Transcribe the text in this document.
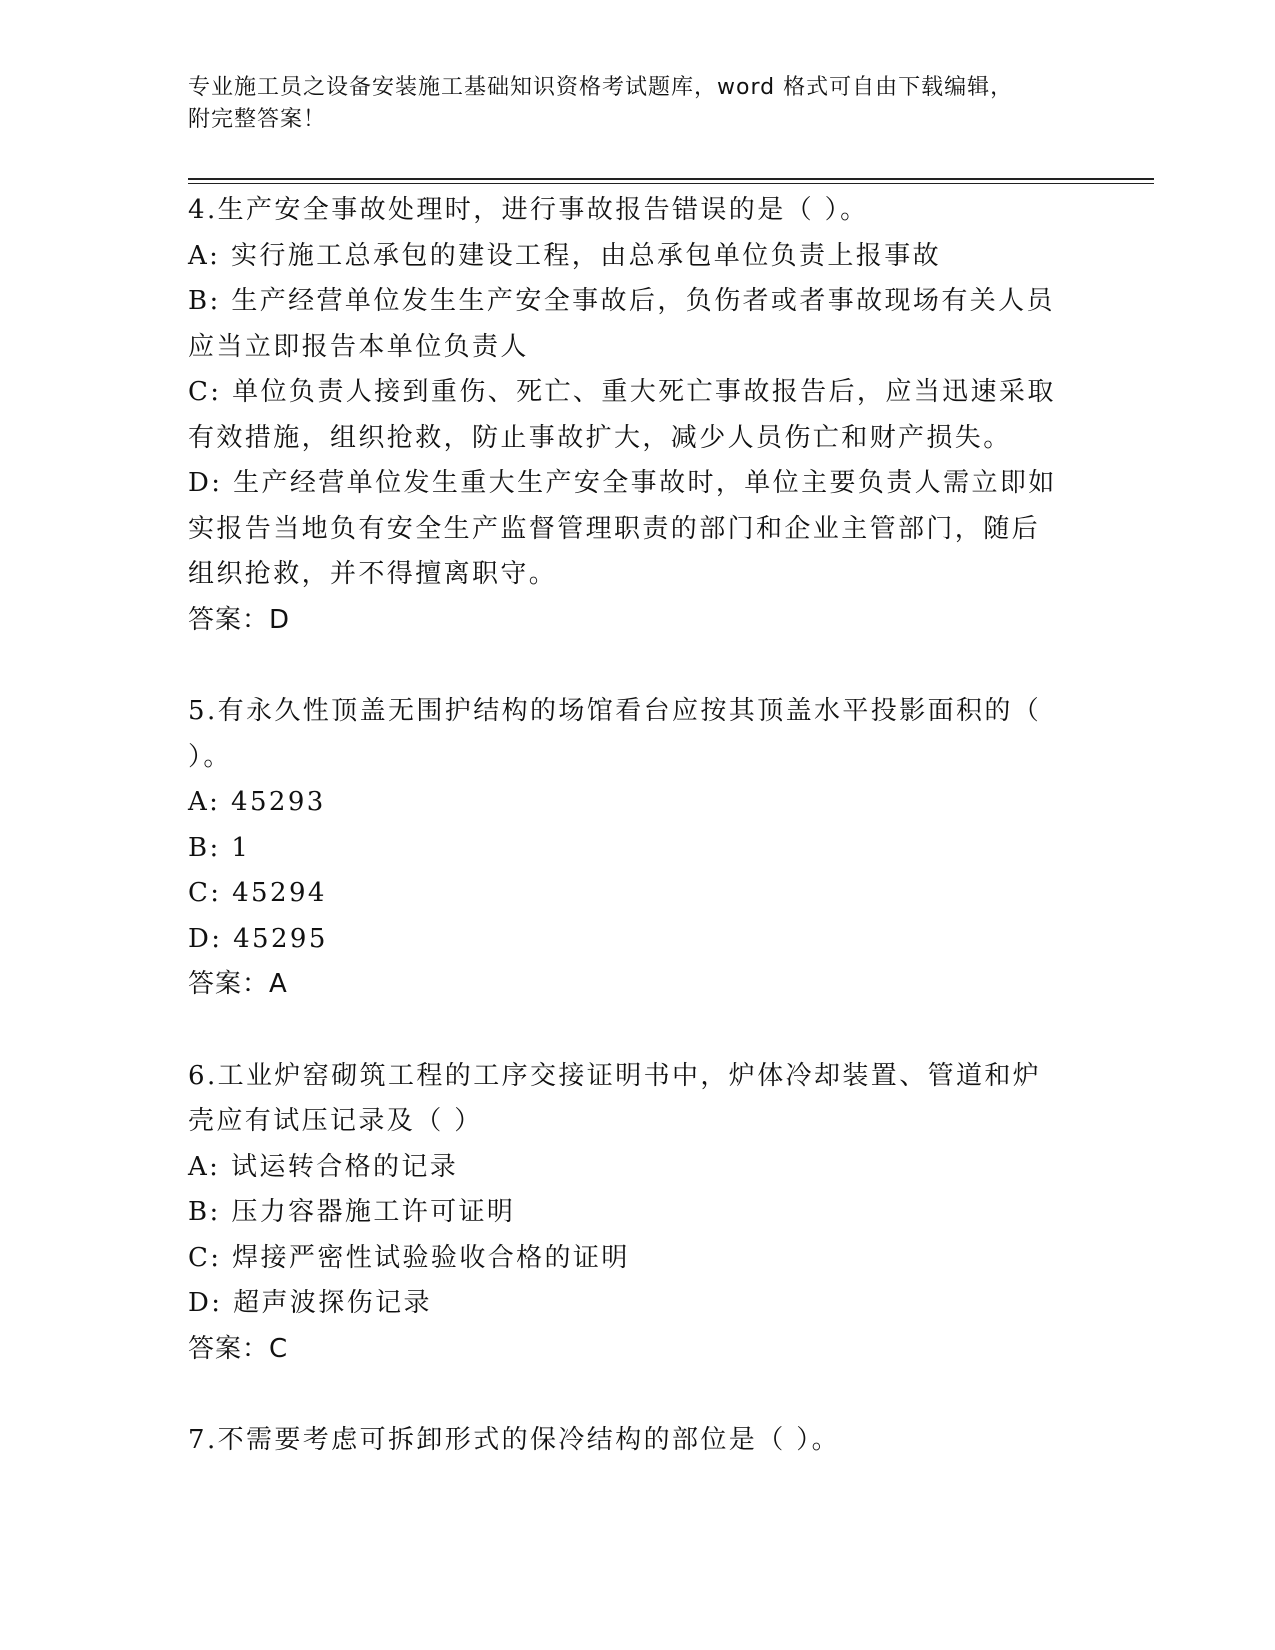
专业施工员之设备安装施工基础知识资格考试题库，word 格式可自由下载编辑，
附完整答案！

4.生产安全事故处理时，进行事故报告错误的是（ ）。

A: 实行施工总承包的建设工程，由总承包单位负责上报事故

B: 生产经营单位发生生产安全事故后，负伤者或者事故现场有关人员

应当立即报告本单位负责人

C: 单位负责人接到重伤、死亡、重大死亡事故报告后，应当迅速采取

有效措施，组织抢救，防止事故扩大，减少人员伤亡和财产损失。

D: 生产经营单位发生重大生产安全事故时，单位主要负责人需立即如

实报告当地负有安全生产监督管理职责的部门和企业主管部门，随后

组织抢救，并不得擅离职守。

答案：D

5.有永久性顶盖无围护结构的场馆看台应按其顶盖水平投影面积的（

）。

A: 45293

B: 1

C: 45294

D: 45295

答案：A

6.工业炉窑砌筑工程的工序交接证明书中，炉体冷却装置、管道和炉

壳应有试压记录及（ ）

A: 试运转合格的记录

B: 压力容器施工许可证明

C: 焊接严密性试验验收合格的证明

D: 超声波探伤记录

答案：C

7.不需要考虑可拆卸形式的保冷结构的部位是（ ）。
